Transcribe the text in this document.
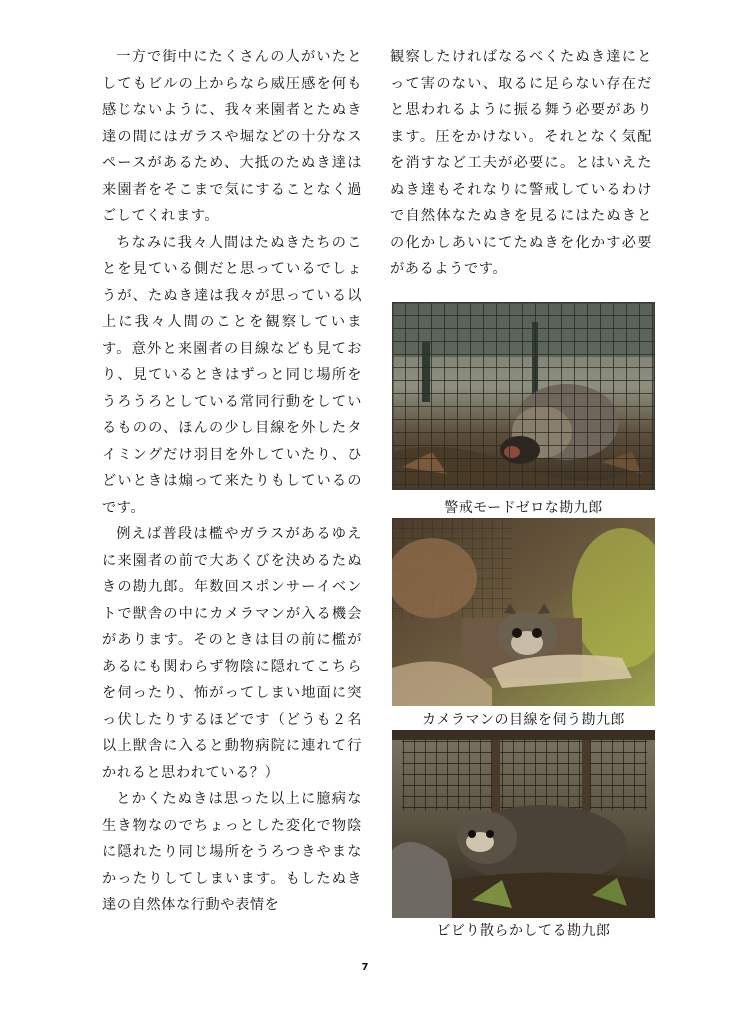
一方で街中にたくさんの人がいたとしてもビルの上からなら威圧感を何も感じないように、我々来園者とたぬき達の間にはガラスや堀などの十分なスペースがあるため、大抵のたぬき達は来園者をそこまで気にすることなく過ごしてくれます。

ちなみに我々人間はたぬきたちのことを見ている側だと思っているでしょうが、たぬき達は我々が思っている以上に我々人間のことを観察しています。意外と来園者の目線なども見ており、見ているときはずっと同じ場所をうろうろとしている常同行動をしているものの、ほんの少し目線を外したタイミングだけ羽目を外していたり、ひどいときは煽って来たりもしているのです。

例えば普段は檻やガラスがあるゆえに来園者の前で大あくびを決めるたぬきの勘九郎。年数回スポンサーイベントで獣舎の中にカメラマンが入る機会があります。そのときは目の前に檻があるにも関わらず物陰に隠れてこちらを伺ったり、怖がってしまい地面に突っ伏したりするほどです（どうも２名以上獣舎に入ると動物病院に連れて行かれると思われている？）

とかくたぬきは思った以上に臆病な生き物なのでちょっとした変化で物陰に隠れたり同じ場所をうろつきやまなかったりしてしまいます。もしたぬき達の自然体な行動や表情を

観察したければなるべくたぬき達にとって害のない、取るに足らない存在だと思われるように振る舞う必要があります。圧をかけない。それとなく気配を消すなど工夫が必要に。とはいえたぬき達もそれなりに警戒しているわけで自然体なたぬきを見るにはたぬきとの化かしあいにてたぬきを化かす必要があるようです。

警戒モードゼロな勘九郎
カメラマンの目線を伺う勘九郎
ビビり散らかしてる勘九郎
7
